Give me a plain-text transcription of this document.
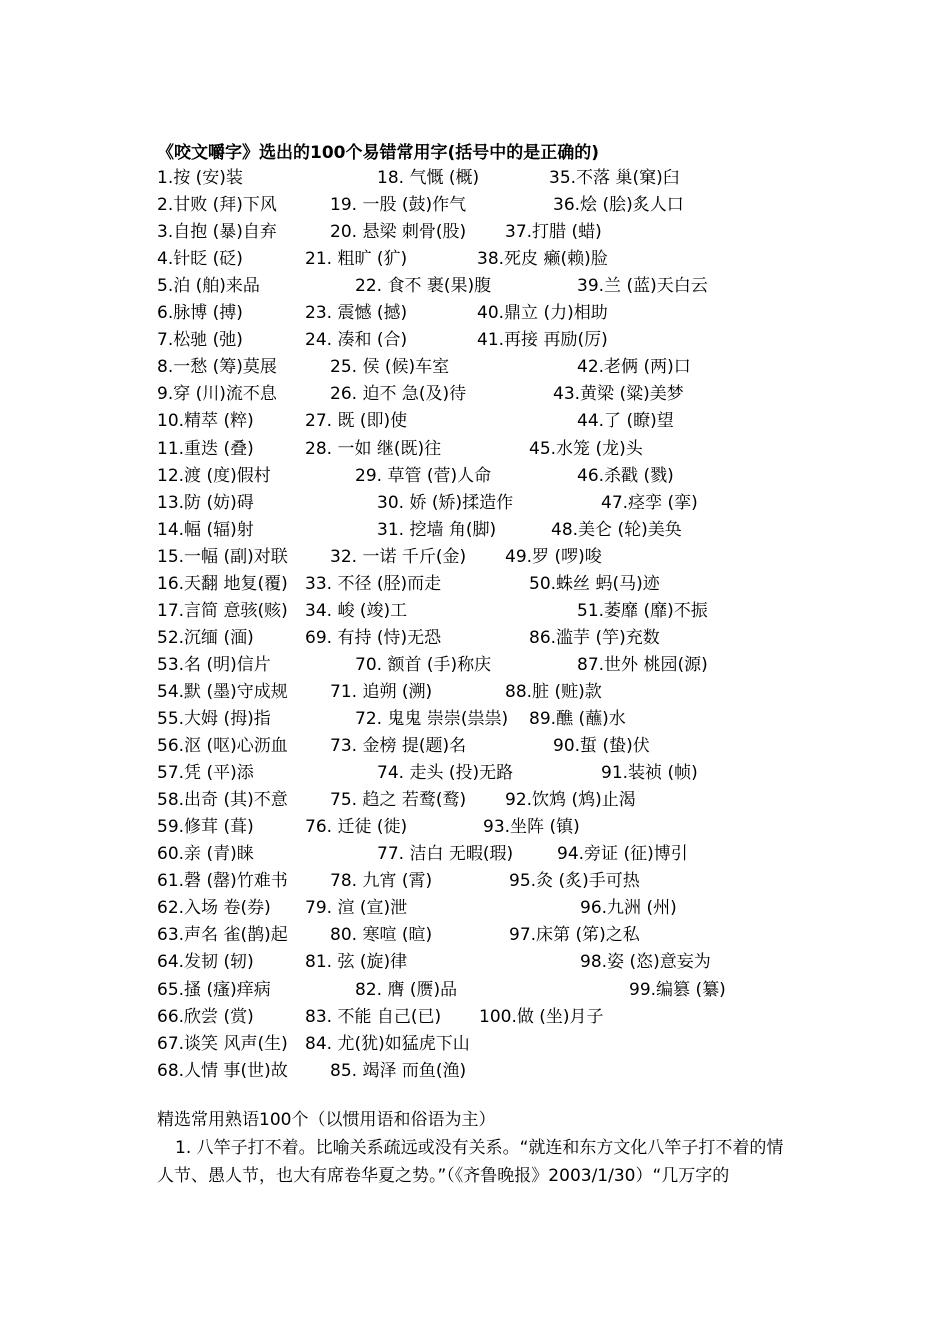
《咬文嚼字》选出的100个易错常用字(括号中的是正确的)
1.按 (安)装	18. 气慨 (概)	35.不落 巢(窠)臼
2.甘败 (拜)下风	19. 一股 (鼓)作气	36.烩 (脍)炙人口
3.自抱 (暴)自弃	20. 悬梁 刺骨(股) 37.打腊 (蜡)
4.针眨 (砭)	21. 粗旷 (犷)	38.死皮 癞(赖)脸
5.泊 (舶)来品	22. 食不 裹(果)腹	39.兰 (蓝)天白云
6.脉博 (搏)	23. 震憾 (撼)	40.鼎立 (力)相助
7.松驰 (弛)	24. 凑和 (合)	41.再接 再励(厉)
8.一愁 (筹)莫展	25. 侯 (候)车室	42.老俩 (两)口
9.穿 (川)流不息	26. 迫不 急(及)待	43.黄梁 (粱)美梦
10.精萃 (粹)	27. 既 (即)使	44.了 (瞭)望
11.重迭 (叠)	28. 一如 继(既)往	45.水笼 (龙)头
12.渡 (度)假村	29. 草管 (菅)人命	46.杀戳 (戮)
13.防 (妨)碍	30. 娇 (矫)揉造作	47.痉孪 (挛)
14.幅 (辐)射	31. 挖墙 角(脚)	48.美仑 (轮)美奂
15.一幅 (副)对联 32. 一诺 千斤(金) 49.罗 (啰)唆
16.天翻 地复(覆) 33. 不径 (胫)而走	50.蛛丝 蚂(马)迹
17.言简 意骇(赅) 34. 峻 (竣)工	51.萎靡 (靡)不振
52.沉缅 (湎)	69. 有持 (恃)无恐	86.滥芋 (竽)充数
53.名 (明)信片	70. 额首 (手)称庆	87.世外 桃园(源)
54.默 (墨)守成规 71. 追朔 (溯)	88.脏 (赃)款
55.大姆 (拇)指	72. 鬼鬼 崇崇(祟祟) 89.醮 (蘸)水
56.沤 (呕)心沥血 73. 金榜 提(题)名	90.蜇 (蛰)伏
57.凭 (平)添	74. 走头 (投)无路	91.装祯 (帧)
58.出奇 (其)不意 75. 趋之 若鹜(鹜) 92.饮鸩 (鸩)止渴
59.修茸 (葺)	76. 迁徒 (徙)	93.坐阵 (镇)
60.亲 (青)睐	77. 洁白 无暇(瑕)	94.旁证 (征)博引
61.磬 (罄)竹难书 78. 九宵 (霄)	95.灸 (炙)手可热
62.入场 卷(券) 79. 渲 (宣)泄	96.九洲 (州)
63.声名 雀(鹊)起 80. 寒喧 (暄)	97.床第 (笫)之私
64.发韧 (轫)	81. 弦 (旋)律	98.姿 (恣)意妄为
65.搔 (瘙)痒病	82. 膺 (赝)品	99.编篡 (纂)
66.欣尝 (赏)	83. 不能 自己(已) 100.做 (坐)月子
67.谈笑 风声(生) 84. 尤(犹)如猛虎下山
68.人情 事(世)故 85. 竭泽 而鱼(渔)
精选常用熟语100个（以惯用语和俗语为主）
1. 八竿子打不着。比喻关系疏远或没有关系。“就连和东方文化八竿子打不着的情人节、愚人节，也大有席卷华夏之势。”（《齐鲁晚报》2003/1/30）“几万字的
